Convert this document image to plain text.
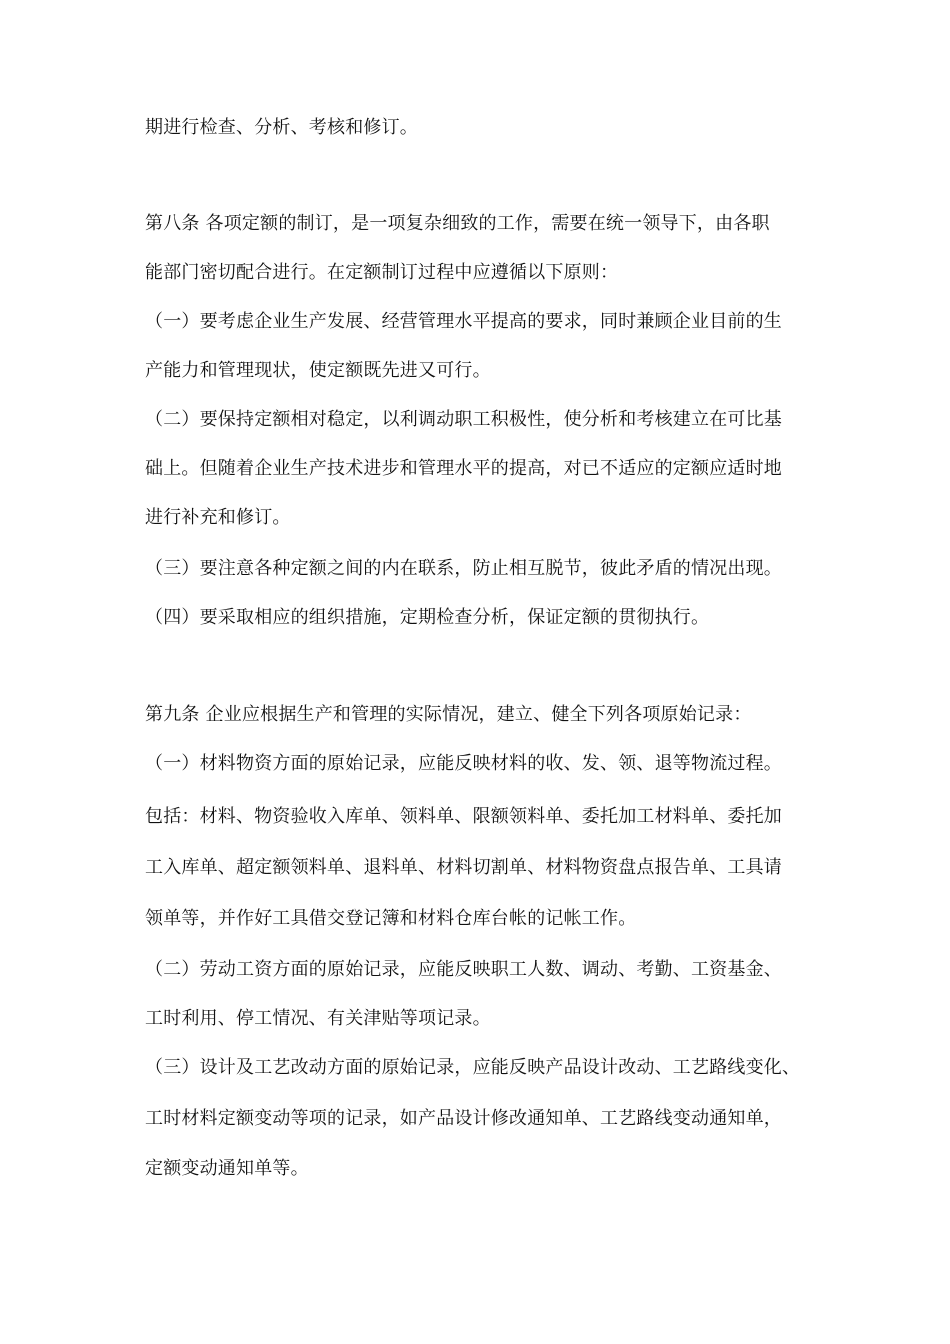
期进行检查、分析、考核和修订。
第八条 各项定额的制订，是一项复杂细致的工作，需要在统一领导下，由各职
能部门密切配合进行。在定额制订过程中应遵循以下原则：
（一）要考虑企业生产发展、经营管理水平提高的要求，同时兼顾企业目前的生
产能力和管理现状，使定额既先进又可行。
（二）要保持定额相对稳定，以利调动职工积极性，使分析和考核建立在可比基
础上。但随着企业生产技术进步和管理水平的提高，对已不适应的定额应适时地
进行补充和修订。
（三）要注意各种定额之间的内在联系，防止相互脱节，彼此矛盾的情况出现。
（四）要采取相应的组织措施，定期检查分析，保证定额的贯彻执行。
第九条 企业应根据生产和管理的实际情况，建立、健全下列各项原始记录：
（一）材料物资方面的原始记录，应能反映材料的收、发、领、退等物流过程。
包括：材料、物资验收入库单、领料单、限额领料单、委托加工材料单、委托加
工入库单、超定额领料单、退料单、材料切割单、材料物资盘点报告单、工具请
领单等，并作好工具借交登记簿和材料仓库台帐的记帐工作。
（二）劳动工资方面的原始记录，应能反映职工人数、调动、考勤、工资基金、
工时利用、停工情况、有关津贴等项记录。
（三）设计及工艺改动方面的原始记录，应能反映产品设计改动、工艺路线变化、
工时材料定额变动等项的记录，如产品设计修改通知单、工艺路线变动通知单，
定额变动通知单等。
